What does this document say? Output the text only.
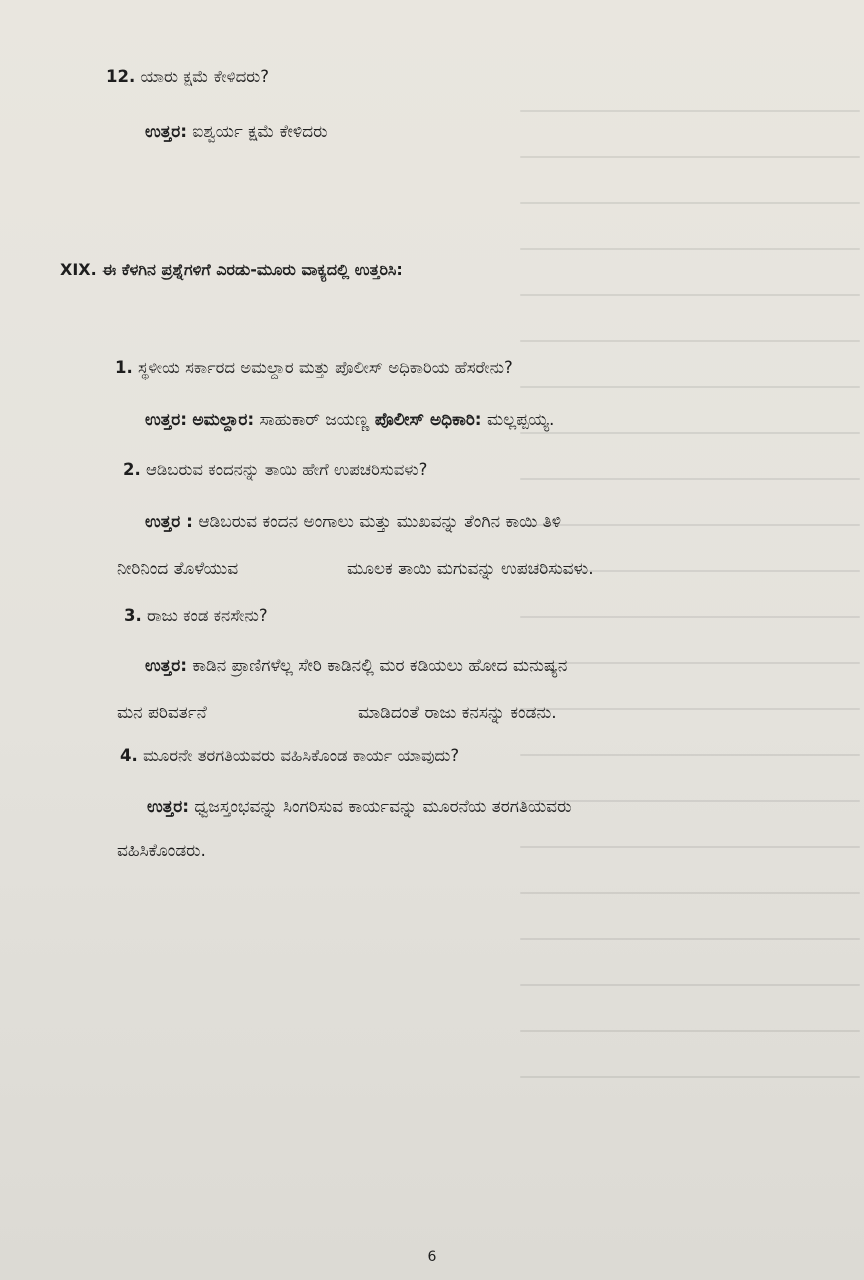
12. ಯಾರು ಕ್ಷಮೆ ಕೇಳಿದರು?
ಉತ್ತರ: ಐಶ್ವರ್ಯ ಕ್ಷಮೆ ಕೇಳಿದರು
XIX. ಈ ಕೆಳಗಿನ ಪ್ರಶ್ನೆಗಳಿಗೆ ಎರಡು-ಮೂರು ವಾಕ್ಯದಲ್ಲಿ ಉತ್ತರಿಸಿ:
1. ಸ್ಥಳೀಯ ಸರ್ಕಾರದ ಅಮಲ್ದಾರ ಮತ್ತು ಪೊಲೀಸ್ ಅಧಿಕಾರಿಯ ಹೆಸರೇನು?
ಉತ್ತರ: ಅಮಲ್ದಾರ: ಸಾಹುಕಾರ್ ಜಯಣ್ಣ ಪೊಲೀಸ್ ಅಧಿಕಾರಿ: ಮಲ್ಲಪ್ಪಯ್ಯ.
2. ಆಡಿಬರುವ ಕಂದನನ್ನು ತಾಯಿ ಹೇಗೆ ಉಪಚರಿಸುವಳು?
ಉತ್ತರ : ಆಡಿಬರುವ ಕಂದನ ಅಂಗಾಲು ಮತ್ತು ಮುಖವನ್ನು ತೆಂಗಿನ ಕಾಯಿ ತಿಳಿ
ನೀರಿನಿಂದ ತೊಳೆಯುವ	ಮೂಲಕ ತಾಯಿ ಮಗುವನ್ನು ಉಪಚರಿಸುವಳು.
3. ರಾಜು ಕಂಡ ಕನಸೇನು?
ಉತ್ತರ: ಕಾಡಿನ ಪ್ರಾಣಿಗಳೆಲ್ಲ ಸೇರಿ ಕಾಡಿನಲ್ಲಿ ಮರ ಕಡಿಯಲು ಹೋದ ಮನುಷ್ಯನ
ಮನ ಪರಿವರ್ತನೆ	ಮಾಡಿದಂತೆ ರಾಜು ಕನಸನ್ನು ಕಂಡನು.
4. ಮೂರನೇ ತರಗತಿಯವರು ವಹಿಸಿಕೊಂಡ ಕಾರ್ಯ ಯಾವುದು?
ಉತ್ತರ: ಧ್ವಜಸ್ತಂಭವನ್ನು ಸಿಂಗರಿಸುವ ಕಾರ್ಯವನ್ನು ಮೂರನೆಯ ತರಗತಿಯವರು
ವಹಿಸಿಕೊಂಡರು.
6
